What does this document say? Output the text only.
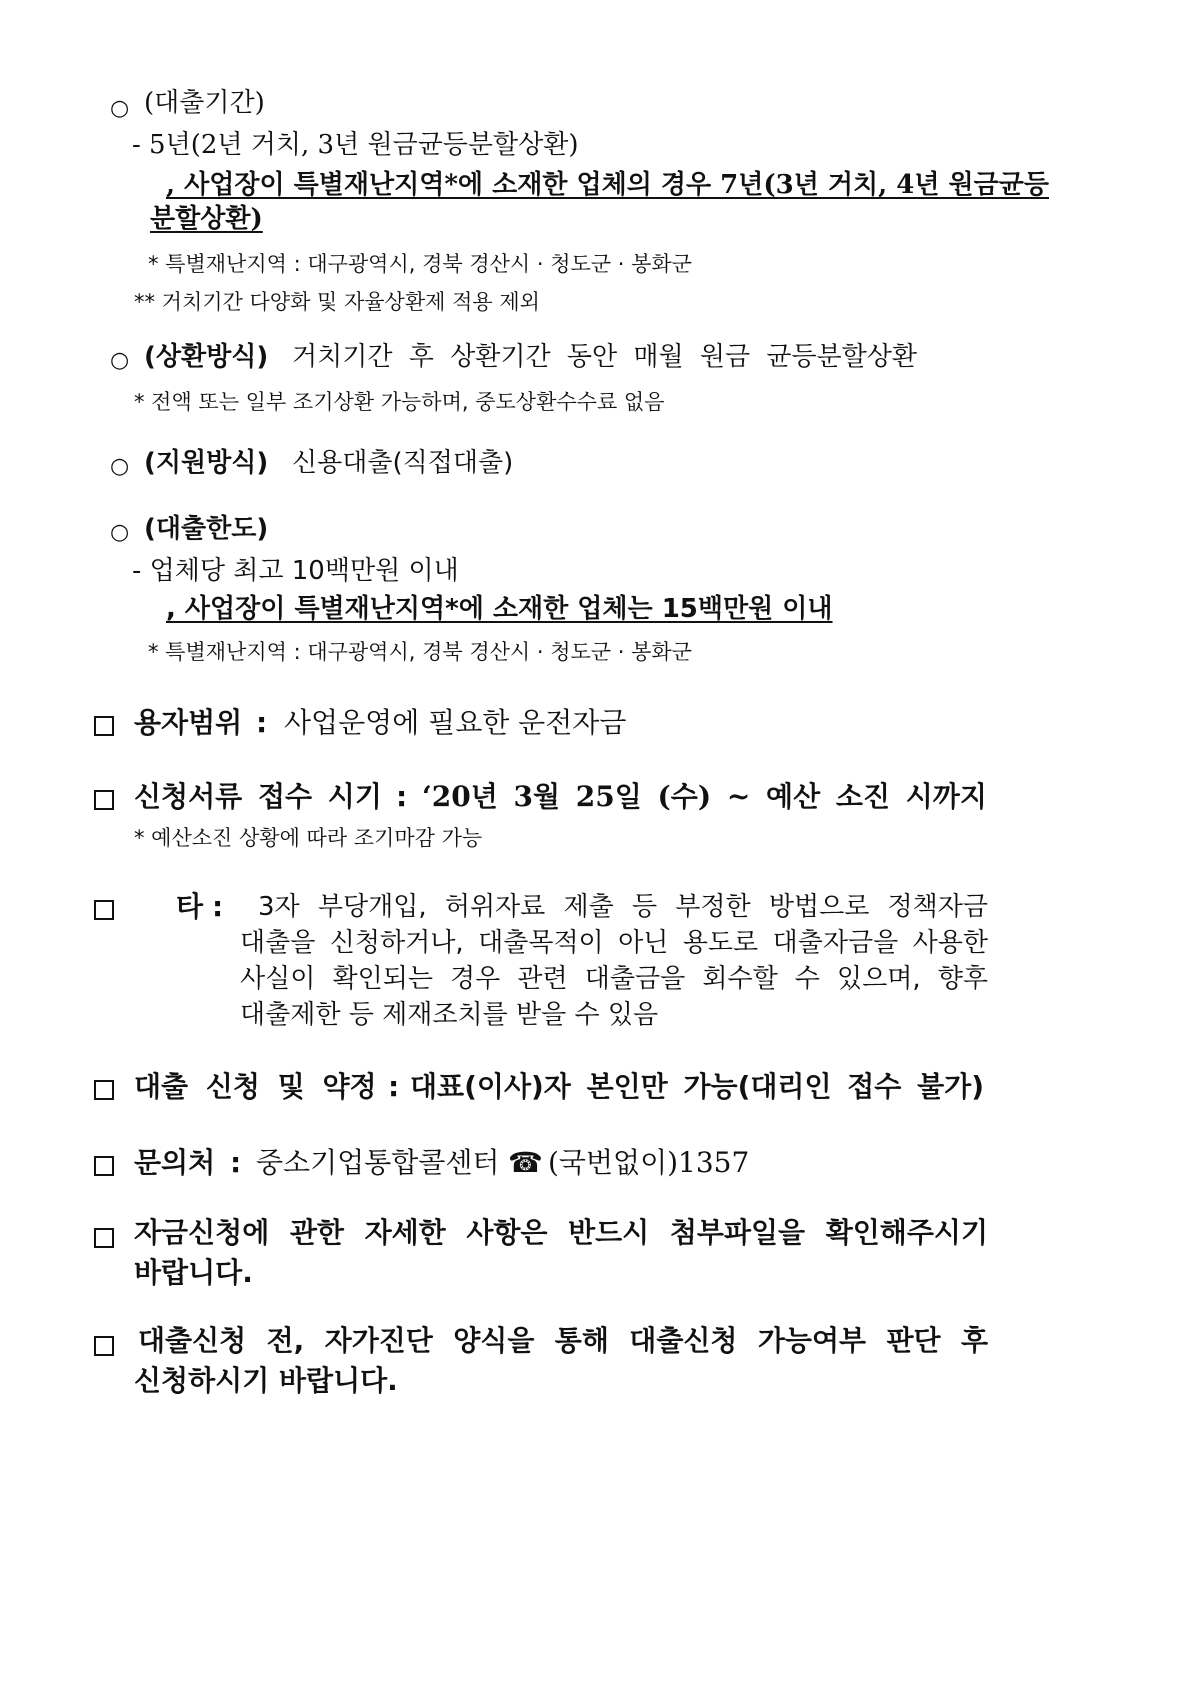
○ (대출기간)
- 5년(2년 거치, 3년 원금균등분할상환)
, 사업장이 특별재난지역*에 소재한 업체의 경우 7년(3년 거치, 4년 원금균등
분할상환)
* 특별재난지역 : 대구광역시, 경북 경산시 · 청도군 · 봉화군
** 거치기간 다양화 및 자율상환제 적용 제외
○ (상환방식) 거치기간 후 상환기간 동안 매월 원금 균등분할상환
* 전액 또는 일부 조기상환 가능하며, 중도상환수수료 없음
○ (지원방식) 신용대출(직접대출)
○ (대출한도)
- 업체당 최고 10백만원 이내
, 사업장이 특별재난지역*에 소재한 업체는 15백만원 이내
* 특별재난지역 : 대구광역시, 경북 경산시 · 청도군 · 봉화군
용자범위 : 사업운영에 필요한 운전자금
신청서류 접수 시기 : ‘20년 3월 25일 (수) ~ 예산 소진 시까지
* 예산소진 상황에 따라 조기마감 가능
타 : 3자 부당개입, 허위자료 제출 등 부정한 방법으로 정책자금
대출을 신청하거나, 대출목적이 아닌 용도로 대출자금을 사용한
사실이 확인되는 경우 관련 대출금을 회수할 수 있으며, 향후
대출제한 등 제재조치를 받을 수 있음
대출 신청 및 약정 : 대표(이사)자 본인만 가능(대리인 접수 불가)
문의처 : 중소기업통합콜센터 ☎ (국번없이)1357
자금신청에 관한 자세한 사항은 반드시 첨부파일을 확인해주시기
바랍니다.
대출신청 전, 자가진단 양식을 통해 대출신청 가능여부 판단 후
신청하시기 바랍니다.
